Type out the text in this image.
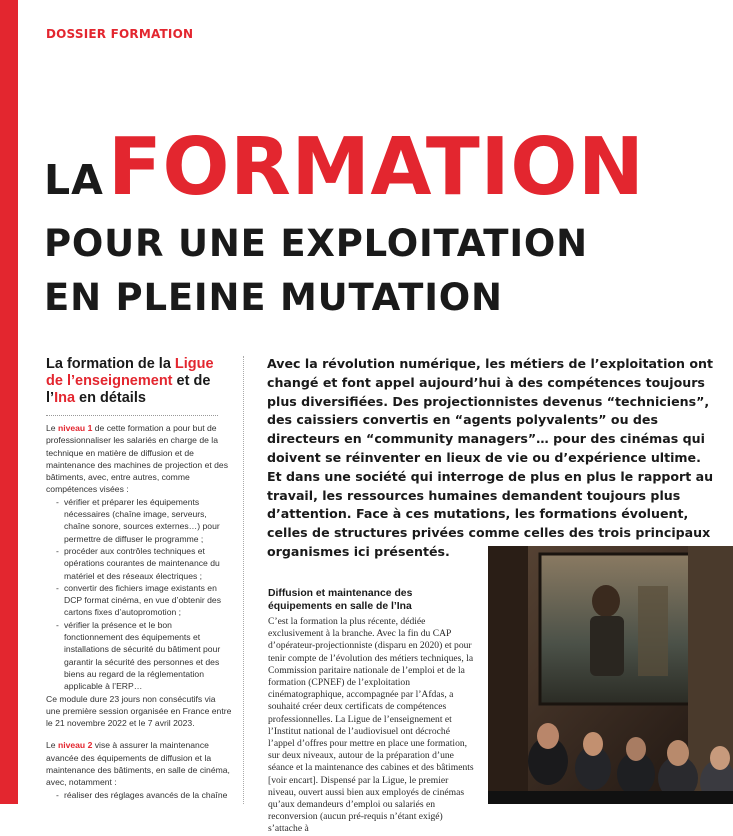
DOSSIER FORMATION
LAFORMATION
POUR UNE EXPLOITATION
EN PLEINE MUTATION
La formation de la Ligue de l’enseignement et de l’Ina en détails

Le niveau 1 de cette formation a pour but de professionnaliser les salariés en charge de la technique en matière de diffusion et de maintenance des machines de projection et des bâtiments, avec, entre autres, comme compétences visées :

- vérifier et préparer les équipements nécessaires (chaîne image, serveurs, chaîne sonore, sources externes…) pour permettre de diffuser le programme ;
- procéder aux contrôles techniques et opérations courantes de maintenance du matériel et des réseaux électriques ;
- convertir des fichiers image existants en DCP format cinéma, en vue d’obtenir des cartons fixes d’autopromotion ;
- vérifier la présence et le bon fonctionnement des équipements et installations de sécurité du bâtiment pour garantir la sécurité des personnes et des biens au regard de la réglementation applicable à l’ERP…

Ce module dure 23 jours non consécutifs via une première session organisée en France entre le 21 novembre 2022 et le 7 avril 2023.

Le niveau 2 vise à assurer la maintenance avancée des équipements de diffusion et la maintenance des bâtiments, en salle de cinéma, avec, notamment :

- réaliser des réglages avancés de la chaîne
Avec la révolution numérique, les métiers de l’exploitation ont changé et font appel aujourd’hui à des compétences toujours plus diversifiées. Des projectionnistes devenus “techniciens”, des caissiers convertis en “agents polyvalents” ou des directeurs en “community managers”… pour des cinémas qui doivent se réinventer en lieux de vie ou d’expérience ultime. Et dans une société qui interroge de plus en plus le rapport au travail, les ressources humaines demandent toujours plus d’attention. Face à ces mutations, les formations évoluent, celles de structures privées comme celles des trois principaux organismes ici présentés.
Diffusion et maintenance des équipements en salle de l’Ina
C’est la formation la plus récente, dédiée exclusivement à la branche. Avec la fin du CAP d’opérateur-projectionniste (disparu en 2020) et pour tenir compte de l’évolution des métiers techniques, la Commission paritaire nationale de l’emploi et de la formation (CPNEF) de l’exploitation cinématographique, accompagnée par l’Afdas, a souhaité créer deux certificats de compétences professionnelles. La Ligue de l’enseignement et l’Institut national de l’audiovisuel ont décroché l’appel d’offres pour mettre en place une formation, sur deux niveaux, autour de la préparation d’une séance et la maintenance des cabines et des bâtiments [voir encart]. Dispensé par la Ligue, le premier niveau, ouvert aussi bien aux employés de cinémas qu’aux demandeurs d’emploi ou salariés en reconversion (aucun pré-requis n’étant exigé) s’attache à
